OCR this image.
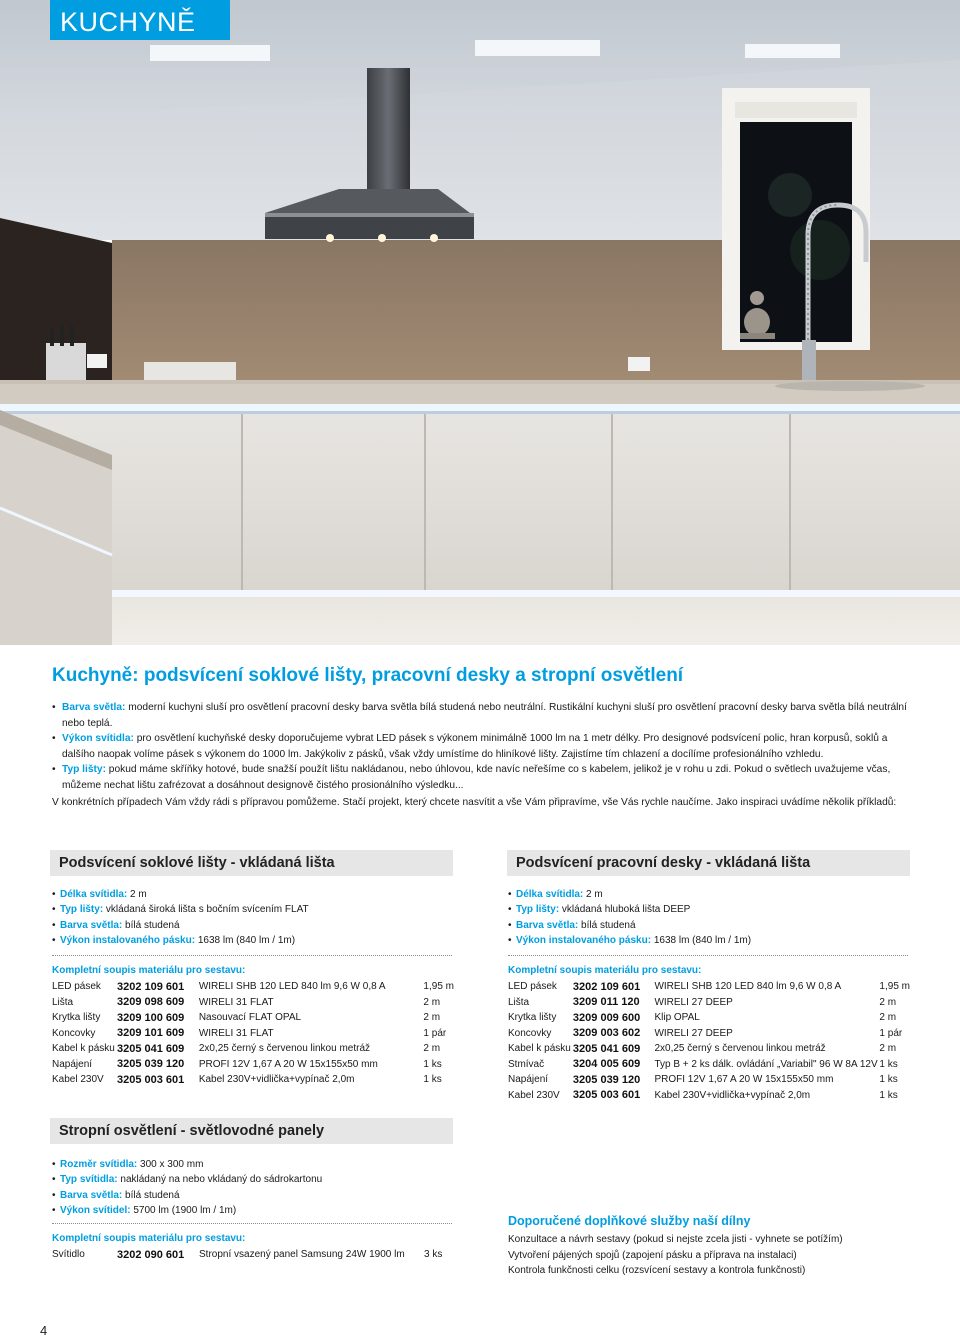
KUCHYNĚ
Kuchyně: podsvícení soklové lišty, pracovní desky a stropní osvětlení
• Barva světla: moderní kuchyni sluší pro osvětlení pracovní desky barva světla bílá studená nebo neutrální. Rustikální kuchyni sluší pro osvětlení pracovní desky barva světla bílá neutrální nebo teplá.
• Výkon svítidla: pro osvětlení kuchyňské desky doporučujeme vybrat LED pásek s výkonem minimálně 1000 lm na 1 metr délky. Pro designové podsvícení polic, hran korpusů, soklů a dalšího naopak volíme pásek s výkonem do 1000 lm. Jakýkoliv z pásků, však vždy umístíme do hliníkové lišty. Zajistíme tím chlazení a docílíme profesionálního vzhledu.
• Typ lišty: pokud máme skříňky hotové, bude snažší použít lištu nakládanou, nebo úhlovou, kde navíc neřešíme co s kabelem, jelikož je v rohu u zdi. Pokud o světlech uvažujeme včas, můžeme nechat lištu zafrézovat a dosáhnout designově čistého prosionálního výsledku...
V konkrétních případech Vám vždy rádi s přípravou pomůžeme. Stačí projekt, který chcete nasvítit a vše Vám připravíme, vše Vás rychle naučíme. Jako inspiraci uvádíme několik příkladů:
Podsvícení soklové lišty - vkládaná lišta
• Délka svítidla: 2 m
• Typ lišty: vkládaná široká lišta s bočním svícením FLAT
• Barva světla: bílá studená
• Výkon instalovaného pásku: 1638 lm (840 lm / 1m)
Kompletní soupis materiálu pro sestavu:
LED pásek	3202 109 601	WIRELI SHB 120 LED 840 lm 9,6 W 0,8 A	1,95 m
Lišta	3209 098 609	WIRELI 31 FLAT	2 m
Krytka lišty	3209 100 609	Nasouvací FLAT OPAL	2 m
Koncovky	3209 101 609	WIRELI 31 FLAT	1 pár
Kabel k pásku	3205 041 609	2x0,25 černý s červenou linkou metráž	2 m
Napájení	3205 039 120	PROFI 12V 1,67 A 20 W 15x155x50 mm	1 ks
Kabel 230V	3205 003 601	Kabel 230V+vidlička+vypínač 2,0m	1 ks
Podsvícení pracovní desky - vkládaná lišta
• Délka svítidla: 2 m
• Typ lišty: vkládaná hluboká lišta DEEP
• Barva světla: bílá studená
• Výkon instalovaného pásku: 1638 lm (840 lm / 1m)
Kompletní soupis materiálu pro sestavu:
LED pásek	3202 109 601	WIRELI SHB 120 LED 840 lm 9,6 W 0,8 A	1,95 m
Lišta	3209 011 120	WIRELI 27 DEEP	2 m
Krytka lišty	3209 009 600	Klip OPAL	2 m
Koncovky	3209 003 602	WIRELI 27 DEEP	1 pár
Kabel k pásku	3205 041 609	2x0,25 černý s červenou linkou metráž	2 m
Stmívač	3204 005 609	Typ B + 2 ks dálk. ovládání „Variabil" 96 W 8A 12V	1 ks
Napájení	3205 039 120	PROFI 12V 1,67 A 20 W 15x155x50 mm	1 ks
Kabel 230V	3205 003 601	Kabel 230V+vidlička+vypínač 2,0m	1 ks
Stropní osvětlení - světlovodné panely
• Rozměr svítidla: 300 x 300 mm
• Typ svítidla: nakládaný na nebo vkládaný do sádrokartonu
• Barva světla: bílá studená
• Výkon svítidel: 5700 lm (1900 lm / 1m)
Kompletní soupis materiálu pro sestavu:
Svítidlo	3202 090 601	Stropní vsazený panel Samsung 24W 1900 lm	3 ks
Doporučené doplňkové služby naší dílny
Konzultace a návrh sestavy (pokud si nejste zcela jisti - vyhnete se potížím)
Vytvoření pájených spojů (zapojení pásku a příprava na instalaci)
Kontrola funkčnosti celku (rozsvícení sestavy a kontrola funkčnosti)
4
